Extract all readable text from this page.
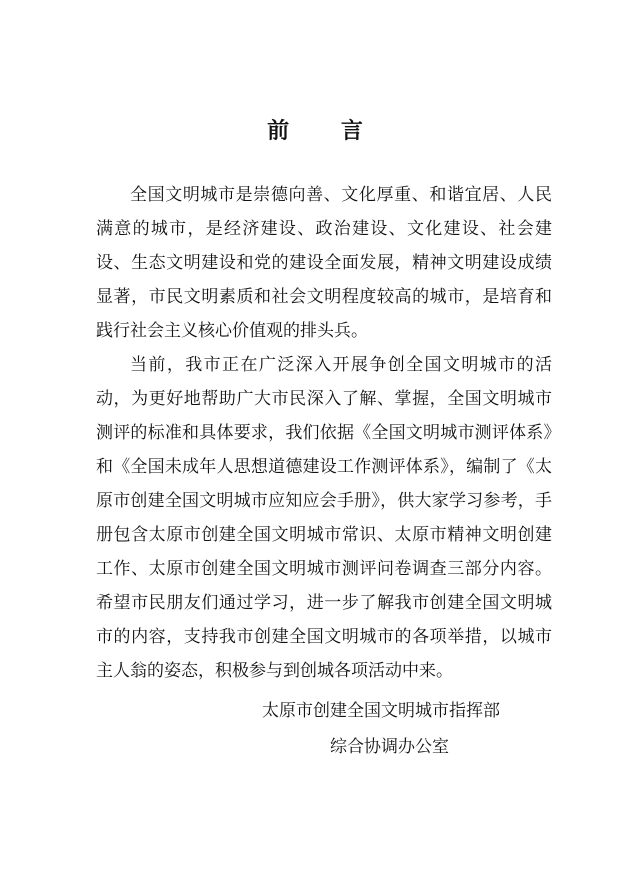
前 言

全国文明城市是崇德向善、文化厚重、和谐宜居、人民满意的城市，是经济建设、政治建设、文化建设、社会建设、生态文明建设和党的建设全面发展，精神文明建设成绩显著，市民文明素质和社会文明程度较高的城市，是培育和践行社会主义核心价值观的排头兵。

当前，我市正在广泛深入开展争创全国文明城市的活动，为更好地帮助广大市民深入了解、掌握，全国文明城市测评的标准和具体要求，我们依据《全国文明城市测评体系》和《全国未成年人思想道德建设工作测评体系》，编制了《太原市创建全国文明城市应知应会手册》，供大家学习参考，手册包含太原市创建全国文明城市常识、太原市精神文明创建工作、太原市创建全国文明城市测评问卷调查三部分内容。希望市民朋友们通过学习，进一步了解我市创建全国文明城市的内容，支持我市创建全国文明城市的各项举措，以城市主人翁的姿态，积极参与到创城各项活动中来。

太原市创建全国文明城市指挥部
综合协调办公室
